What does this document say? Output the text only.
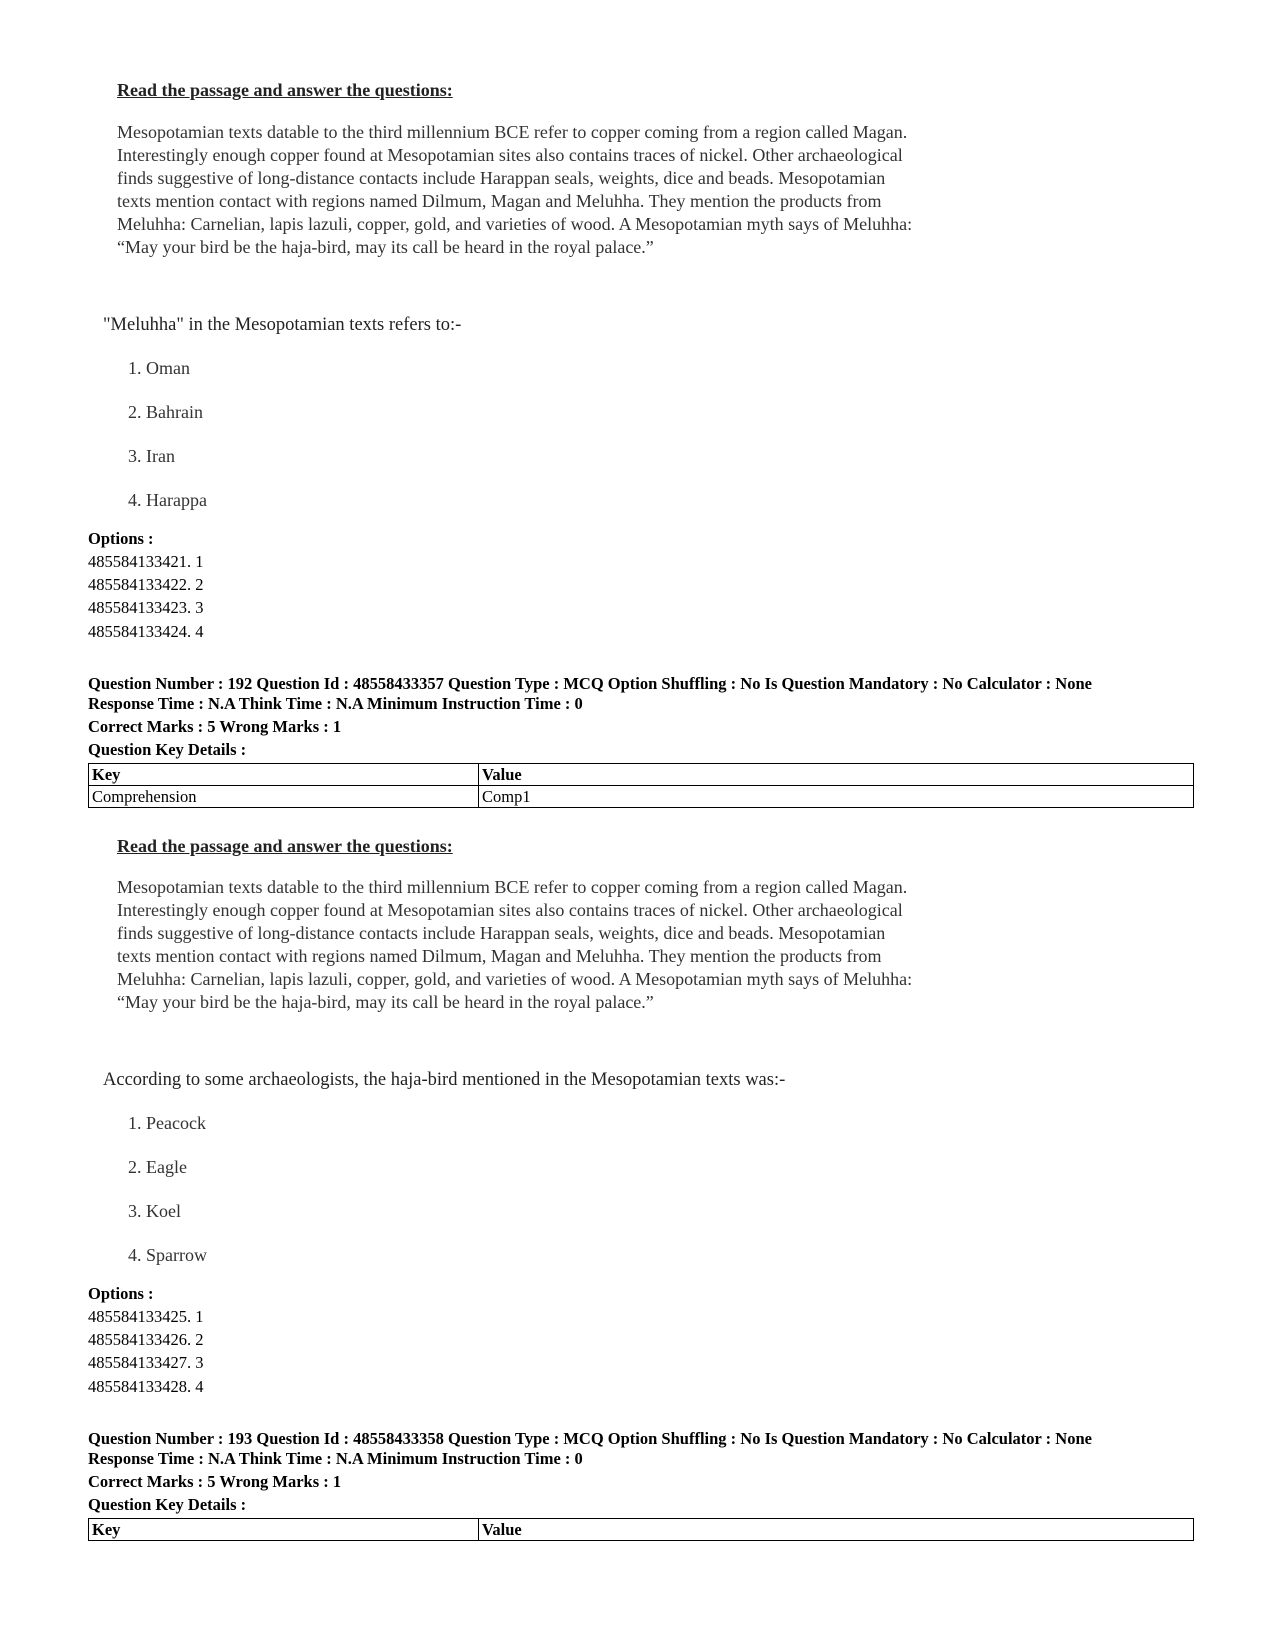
Read the passage and answer the questions:

Mesopotamian texts datable to the third millennium BCE refer to copper coming from a region called Magan.

Interestingly enough copper found at Mesopotamian sites also contains traces of nickel. Other archaeological

finds suggestive of long-distance contacts include Harappan seals, weights, dice and beads. Mesopotamian

texts mention contact with regions named Dilmum, Magan and Meluhha. They mention the products from

Meluhha: Carnelian, lapis lazuli, copper, gold, and varieties of wood. A Mesopotamian myth says of Meluhha:

“May your bird be the haja-bird, may its call be heard in the royal palace.”

"Meluhha" in the Mesopotamian texts refers to:-
1. Oman
2. Bahrain
3. Iran
4. Harappa
Options :
485584133421. 1
485584133422. 2
485584133423. 3
485584133424. 4
Question Number : 192 Question Id : 48558433357 Question Type : MCQ Option Shuffling : No Is Question Mandatory : No Calculator : None
Response Time : N.A Think Time : N.A Minimum Instruction Time : 0
Correct Marks : 5 Wrong Marks : 1
Question Key Details :
Key	Value
Comprehension	Comp1
Read the passage and answer the questions:

Mesopotamian texts datable to the third millennium BCE refer to copper coming from a region called Magan.

Interestingly enough copper found at Mesopotamian sites also contains traces of nickel. Other archaeological

finds suggestive of long-distance contacts include Harappan seals, weights, dice and beads. Mesopotamian

texts mention contact with regions named Dilmum, Magan and Meluhha. They mention the products from

Meluhha: Carnelian, lapis lazuli, copper, gold, and varieties of wood. A Mesopotamian myth says of Meluhha:

“May your bird be the haja-bird, may its call be heard in the royal palace.”

According to some archaeologists, the haja-bird mentioned in the Mesopotamian texts was:-
1. Peacock
2. Eagle
3. Koel
4. Sparrow
Options :
485584133425. 1
485584133426. 2
485584133427. 3
485584133428. 4
Question Number : 193 Question Id : 48558433358 Question Type : MCQ Option Shuffling : No Is Question Mandatory : No Calculator : None
Response Time : N.A Think Time : N.A Minimum Instruction Time : 0
Correct Marks : 5 Wrong Marks : 1
Question Key Details :
Key	Value
